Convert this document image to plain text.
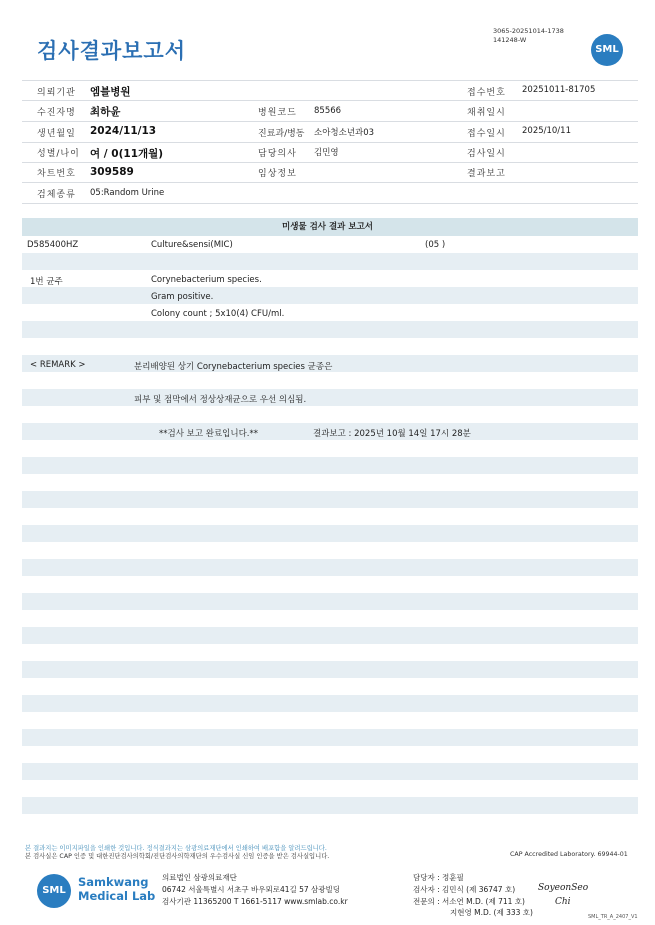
검사결과보고서
3065-20251014-1738
141248-W
SML
의뢰기관 엠블병원	접수번호 20251011-81705
수진자명 최하윤	병원코드 85566	채취일시
생년월일 2024/11/13	진료과/병동 소아청소년과03	접수일시 2025/10/11
성별/나이 여 / 0(11개월)	담당의사 김민영	검사일시
차트번호 309589	임상정보	결과보고
검체종류 05:Random Urine
미생물 검사 결과 보고서
D585400HZ	Culture&sensi(MIC)	(05 )
1번 균주	Corynebacterium species.
Gram positive.
Colony count ; 5x10(4) CFU/ml.
< REMARK >	분리배양된 상기 Corynebacterium species 균종은
피부 및 점막에서 정상상재균으로 우선 의심됨.
**검사 보고 완료입니다.**	결과보고 : 2025년 10월 14일 17시 28분
본 결과지는 이미지파일을 인쇄한 것입니다. 정식결과지는 삼광의료재단에서 인쇄하여 배포함을 알려드립니다.
본 검사실은 CAP 인증 및 대한진단검사의학회/진단검사의학재단의 우수검사실 신임 인증을 받은 검사실입니다.	CAP Accredited Laboratory. 69944-01
SML
Samkwang
Medical Lab
의료법인 삼광의료재단
06742 서울특별시 서초구 바우뫼로41길 57 삼광빌딩
검사기관 11365200 T 1661-5117 www.smlab.co.kr
담당자 : 정훈필
검사자 : 김민식 (제 36747 호)
전문의 : 서소연 M.D. (제 711 호)
지현영 M.D. (제 333 호)
SoyeonSeo
Chi
SML_TR_A_2407_V1
